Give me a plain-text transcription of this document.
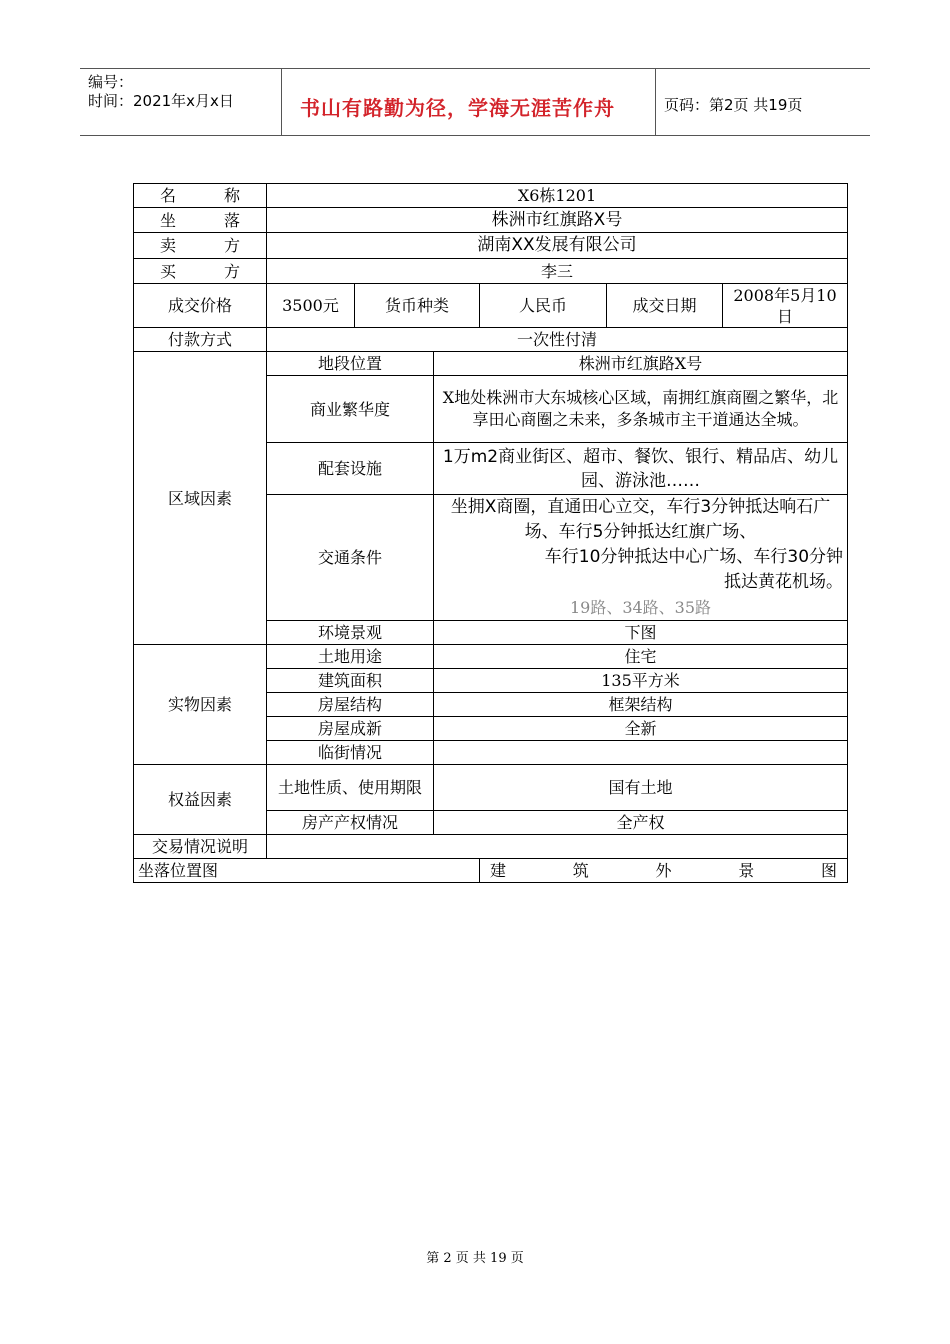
编号：
时间：2021年x月x日	书山有路勤为径，学海无涯苦作舟	页码：第2页 共19页
名 称	X6栋1201					

坐 落	株洲市红旗路X号					

卖 方	湖南XX发展有限公司					

买 方	李三					
成交价格	3500元	货币种类		人民币	成交日期	2008年5月10日
付款方式	一次性付清					
区域因素	地段位置		株洲市红旗路X号			
	商业繁华度		X地处株洲市大东城核心区域，南拥红旗商圈之繁华，北享田心商圈之未来，多条城市主干道通达全城。			
	配套设施		1万m2商业街区、超市、餐饮、银行、精品店、幼儿园、游泳池……			
	交通条件		坐拥X商圈，直通田心立交，车行3分钟抵达响石广场、车行5分钟抵达红旗广场、
车行10分钟抵达中心广场、车行30分钟抵达黄花机场。
19路、34路、35路			

	环境景观		下图			
实物因素	土地用途		住宅			
	建筑面积		135平方米			
	房屋结构		框架结构			
	房屋成新		全新			
	临街情况					
权益因素	土地性质、使用期限		国有土地			
	房产产权情况		全产权			
交易情况说明						
坐落位置图				建 筑 外 景 图		
第 2 页 共 19 页
